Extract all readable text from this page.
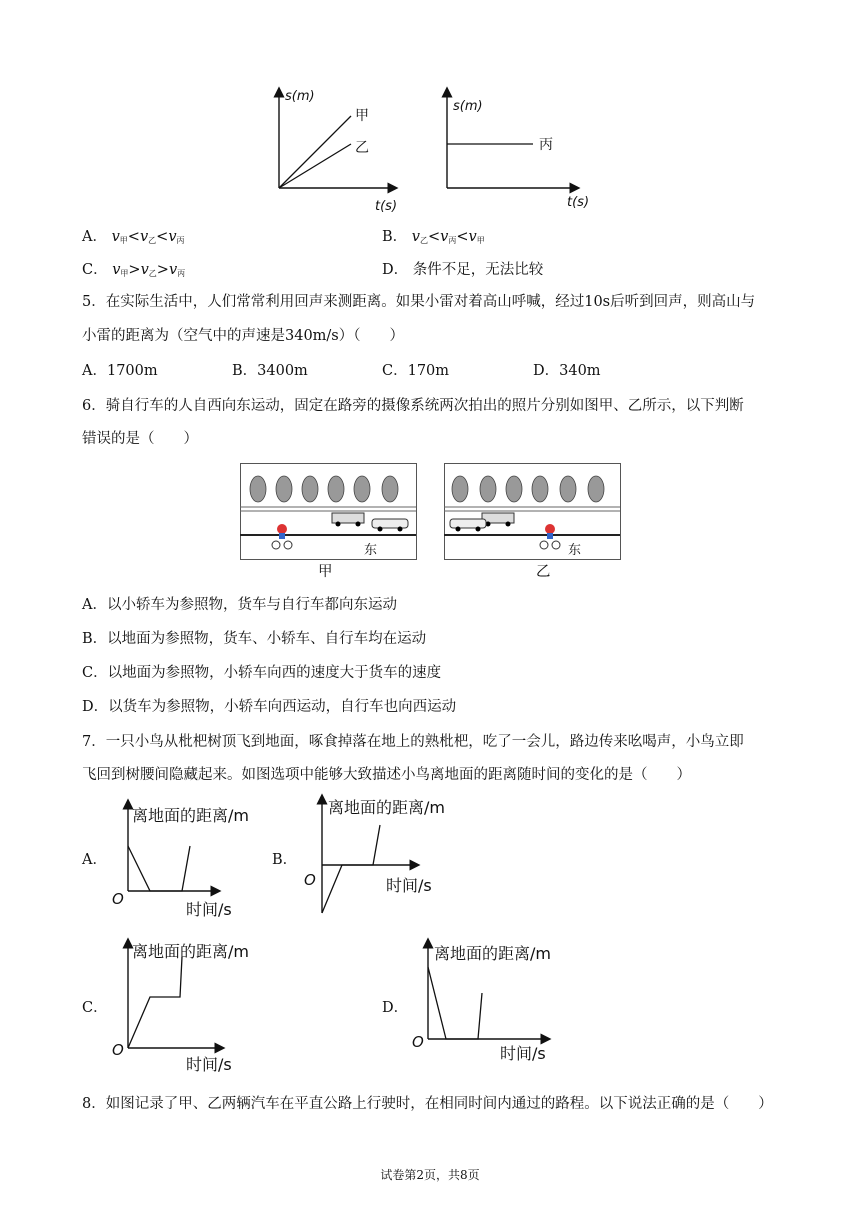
s(m)
t(s)
甲
乙
s(m)
t(s)
丙
A． $v_甲<v_乙<v_丙$	B． $v_乙<v_丙<v_甲$
C． $v_甲>v_乙>v_丙$	D． 条件不足，无法比较
5．在实际生活中，人们常常利用回声来测距离。如果小雷对着高山呼喊，经过10s后听到回声，则高山与
小雷的距离为（空气中的声速是340m/s）（　　）
A．1700m	B．3400m	C．170m	D．340m
6．骑自行车的人自西向东运动，固定在路旁的摄像系统两次拍出的照片分别如图甲、乙所示，以下判断
错误的是（　　）
东
甲
东
乙
A．以小轿车为参照物，货车与自行车都向东运动
B．以地面为参照物，货车、小轿车、自行车均在运动
C．以地面为参照物，小轿车向西的速度大于货车的速度
D．以货车为参照物，小轿车向西运动，自行车也向西运动
7．一只小鸟从枇杷树顶飞到地面，啄食掉落在地上的熟枇杷，吃了一会儿，路边传来吆喝声，小鸟立即
飞回到树腰间隐藏起来。如图选项中能够大致描述小鸟离地面的距离随时间的变化的是（　　）
A．
离地面的距离/m
时间/s
O
B．
离地面的距离/m
时间/s
O
C．
离地面的距离/m
时间/s
O
D．
离地面的距离/m
时间/s
O
8．如图记录了甲、乙两辆汽车在平直公路上行驶时，在相同时间内通过的路程。以下说法正确的是（　　）
试卷第2页，共8页
